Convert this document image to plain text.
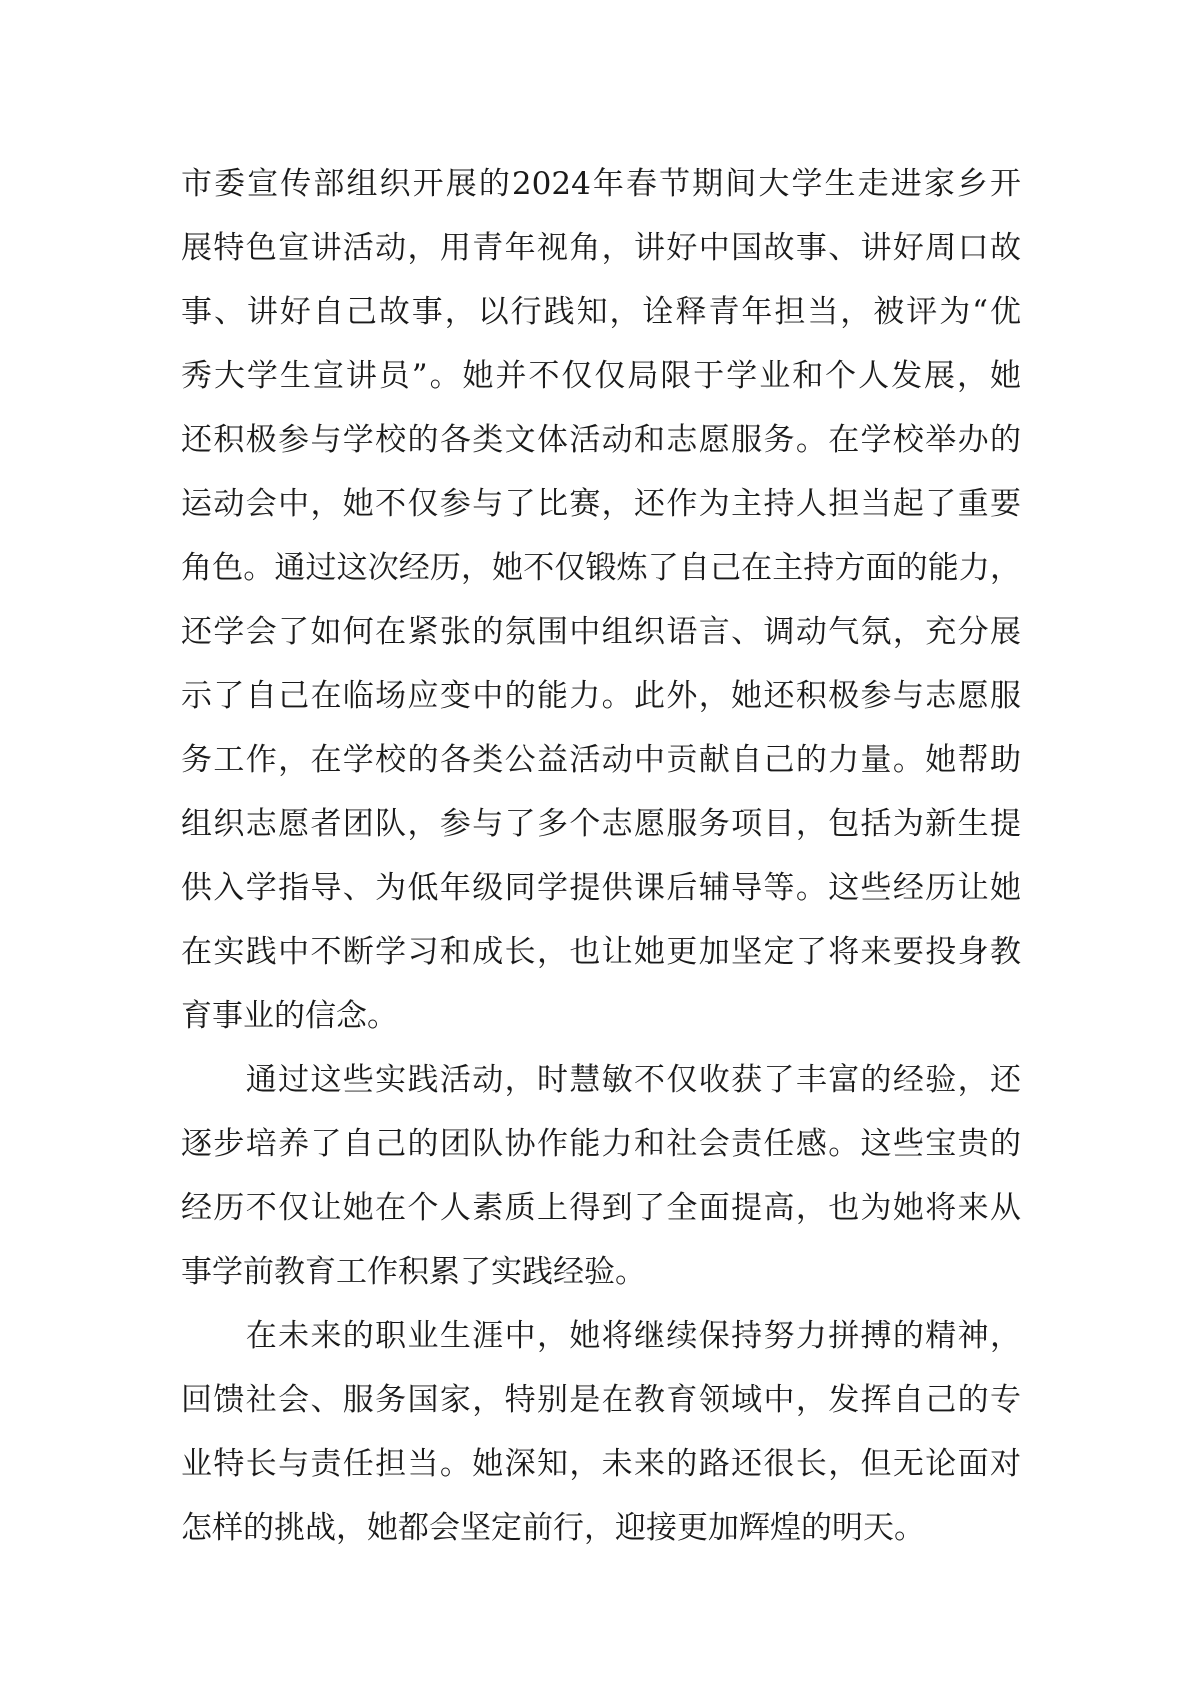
市委宣传部组织开展的2024年春节期间大学生走进家乡开
展特色宣讲活动，用青年视角，讲好中国故事、讲好周口故
事、讲好自己故事，以行践知，诠释青年担当，被评为“优
秀大学生宣讲员”。她并不仅仅局限于学业和个人发展，她
还积极参与学校的各类文体活动和志愿服务。在学校举办的
运动会中，她不仅参与了比赛，还作为主持人担当起了重要
角色。通过这次经历，她不仅锻炼了自己在主持方面的能力，
还学会了如何在紧张的氛围中组织语言、调动气氛，充分展
示了自己在临场应变中的能力。此外，她还积极参与志愿服
务工作，在学校的各类公益活动中贡献自己的力量。她帮助
组织志愿者团队，参与了多个志愿服务项目，包括为新生提
供入学指导、为低年级同学提供课后辅导等。这些经历让她
在实践中不断学习和成长，也让她更加坚定了将来要投身教
育事业的信念。
　　通过这些实践活动，时慧敏不仅收获了丰富的经验，还
逐步培养了自己的团队协作能力和社会责任感。这些宝贵的
经历不仅让她在个人素质上得到了全面提高，也为她将来从
事学前教育工作积累了实践经验。
　　在未来的职业生涯中，她将继续保持努力拼搏的精神，
回馈社会、服务国家，特别是在教育领域中，发挥自己的专
业特长与责任担当。她深知，未来的路还很长，但无论面对
怎样的挑战，她都会坚定前行，迎接更加辉煌的明天。
